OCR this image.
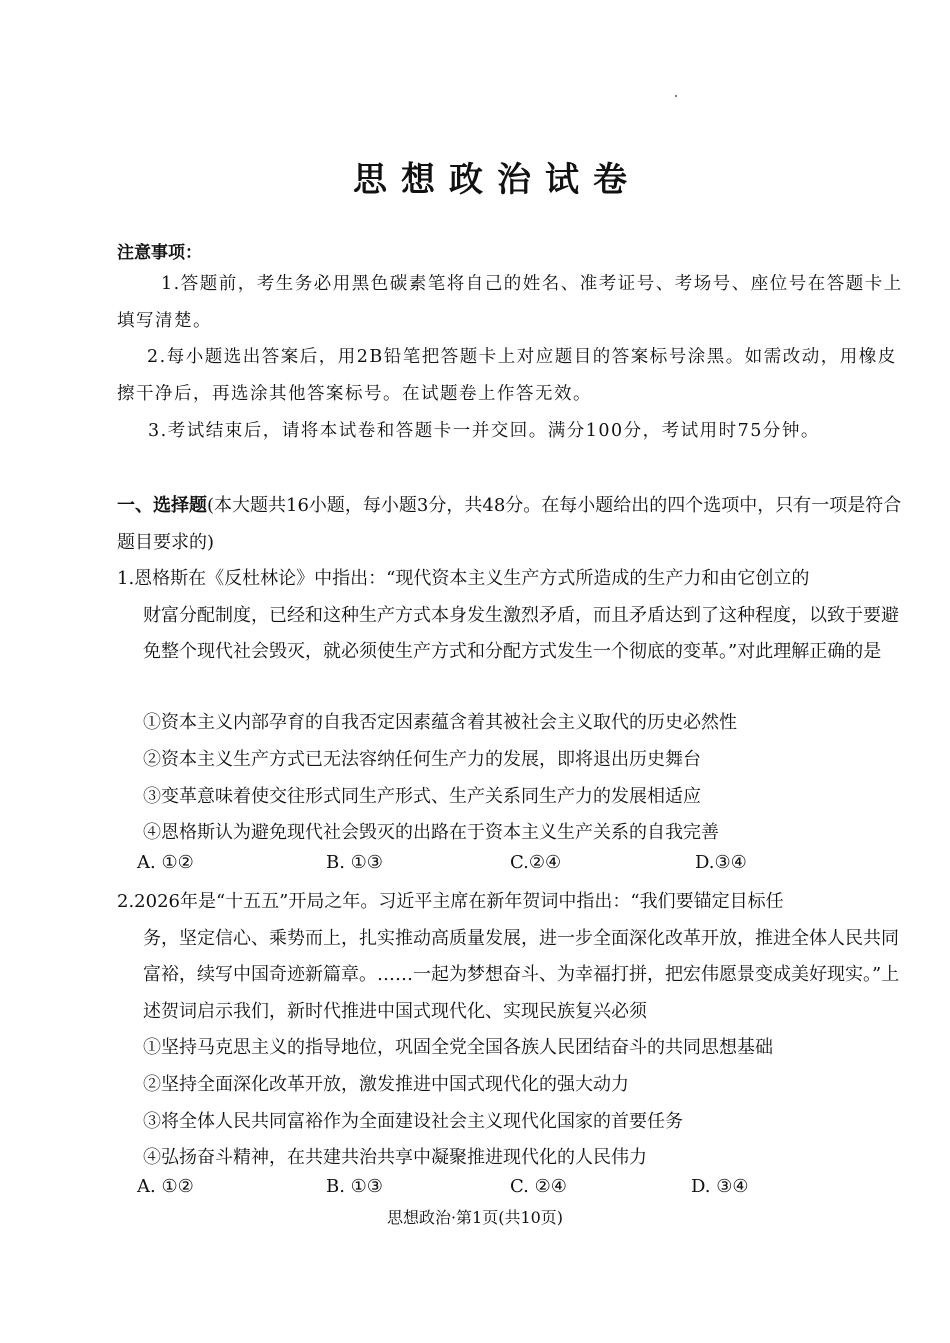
思想政治试卷
注意事项：
1.答题前，考生务必用黑色碳素笔将自己的姓名、准考证号、考场号、座位号在答题卡上填写清楚。
2.每小题选出答案后，用2B铅笔把答题卡上对应题目的答案标号涂黑。如需改动，用橡皮擦干净后，再选涂其他答案标号。在试题卷上作答无效。
3.考试结束后，请将本试卷和答题卡一并交回。满分100分，考试用时75分钟。
一、选择题(本大题共16小题，每小题3分，共48分。在每小题给出的四个选项中，只有一项是符合题目要求的)
1.恩格斯在《反杜林论》中指出：“现代资本主义生产方式所造成的生产力和由它创立的
财富分配制度，已经和这种生产方式本身发生激烈矛盾，而且矛盾达到了这种程度，以致于要避免整个现代社会毁灭，就必须使生产方式和分配方式发生一个彻底的变革。”对此理解正确的是
①资本主义内部孕育的自我否定因素蕴含着其被社会主义取代的历史必然性
②资本主义生产方式已无法容纳任何生产力的发展，即将退出历史舞台
③变革意味着使交往形式同生产形式、生产关系同生产力的发展相适应
④恩格斯认为避免现代社会毁灭的出路在于资本主义生产关系的自我完善
A. ①②	B. ①③	C.②④	D.③④
2.2026年是“十五五”开局之年。习近平主席在新年贺词中指出：“我们要锚定目标任
务，坚定信心、乘势而上，扎实推动高质量发展，进一步全面深化改革开放，推进全体人民共同富裕，续写中国奇迹新篇章。……一起为梦想奋斗、为幸福打拼，把宏伟愿景变成美好现实。”上述贺词启示我们，新时代推进中国式现代化、实现民族复兴必须
①坚持马克思主义的指导地位，巩固全党全国各族人民团结奋斗的共同思想基础
②坚持全面深化改革开放，激发推进中国式现代化的强大动力
③将全体人民共同富裕作为全面建设社会主义现代化国家的首要任务
④弘扬奋斗精神，在共建共治共享中凝聚推进现代化的人民伟力
A. ①②	B. ①③	C. ②④	D. ③④
思想政治·第1页(共10页)
